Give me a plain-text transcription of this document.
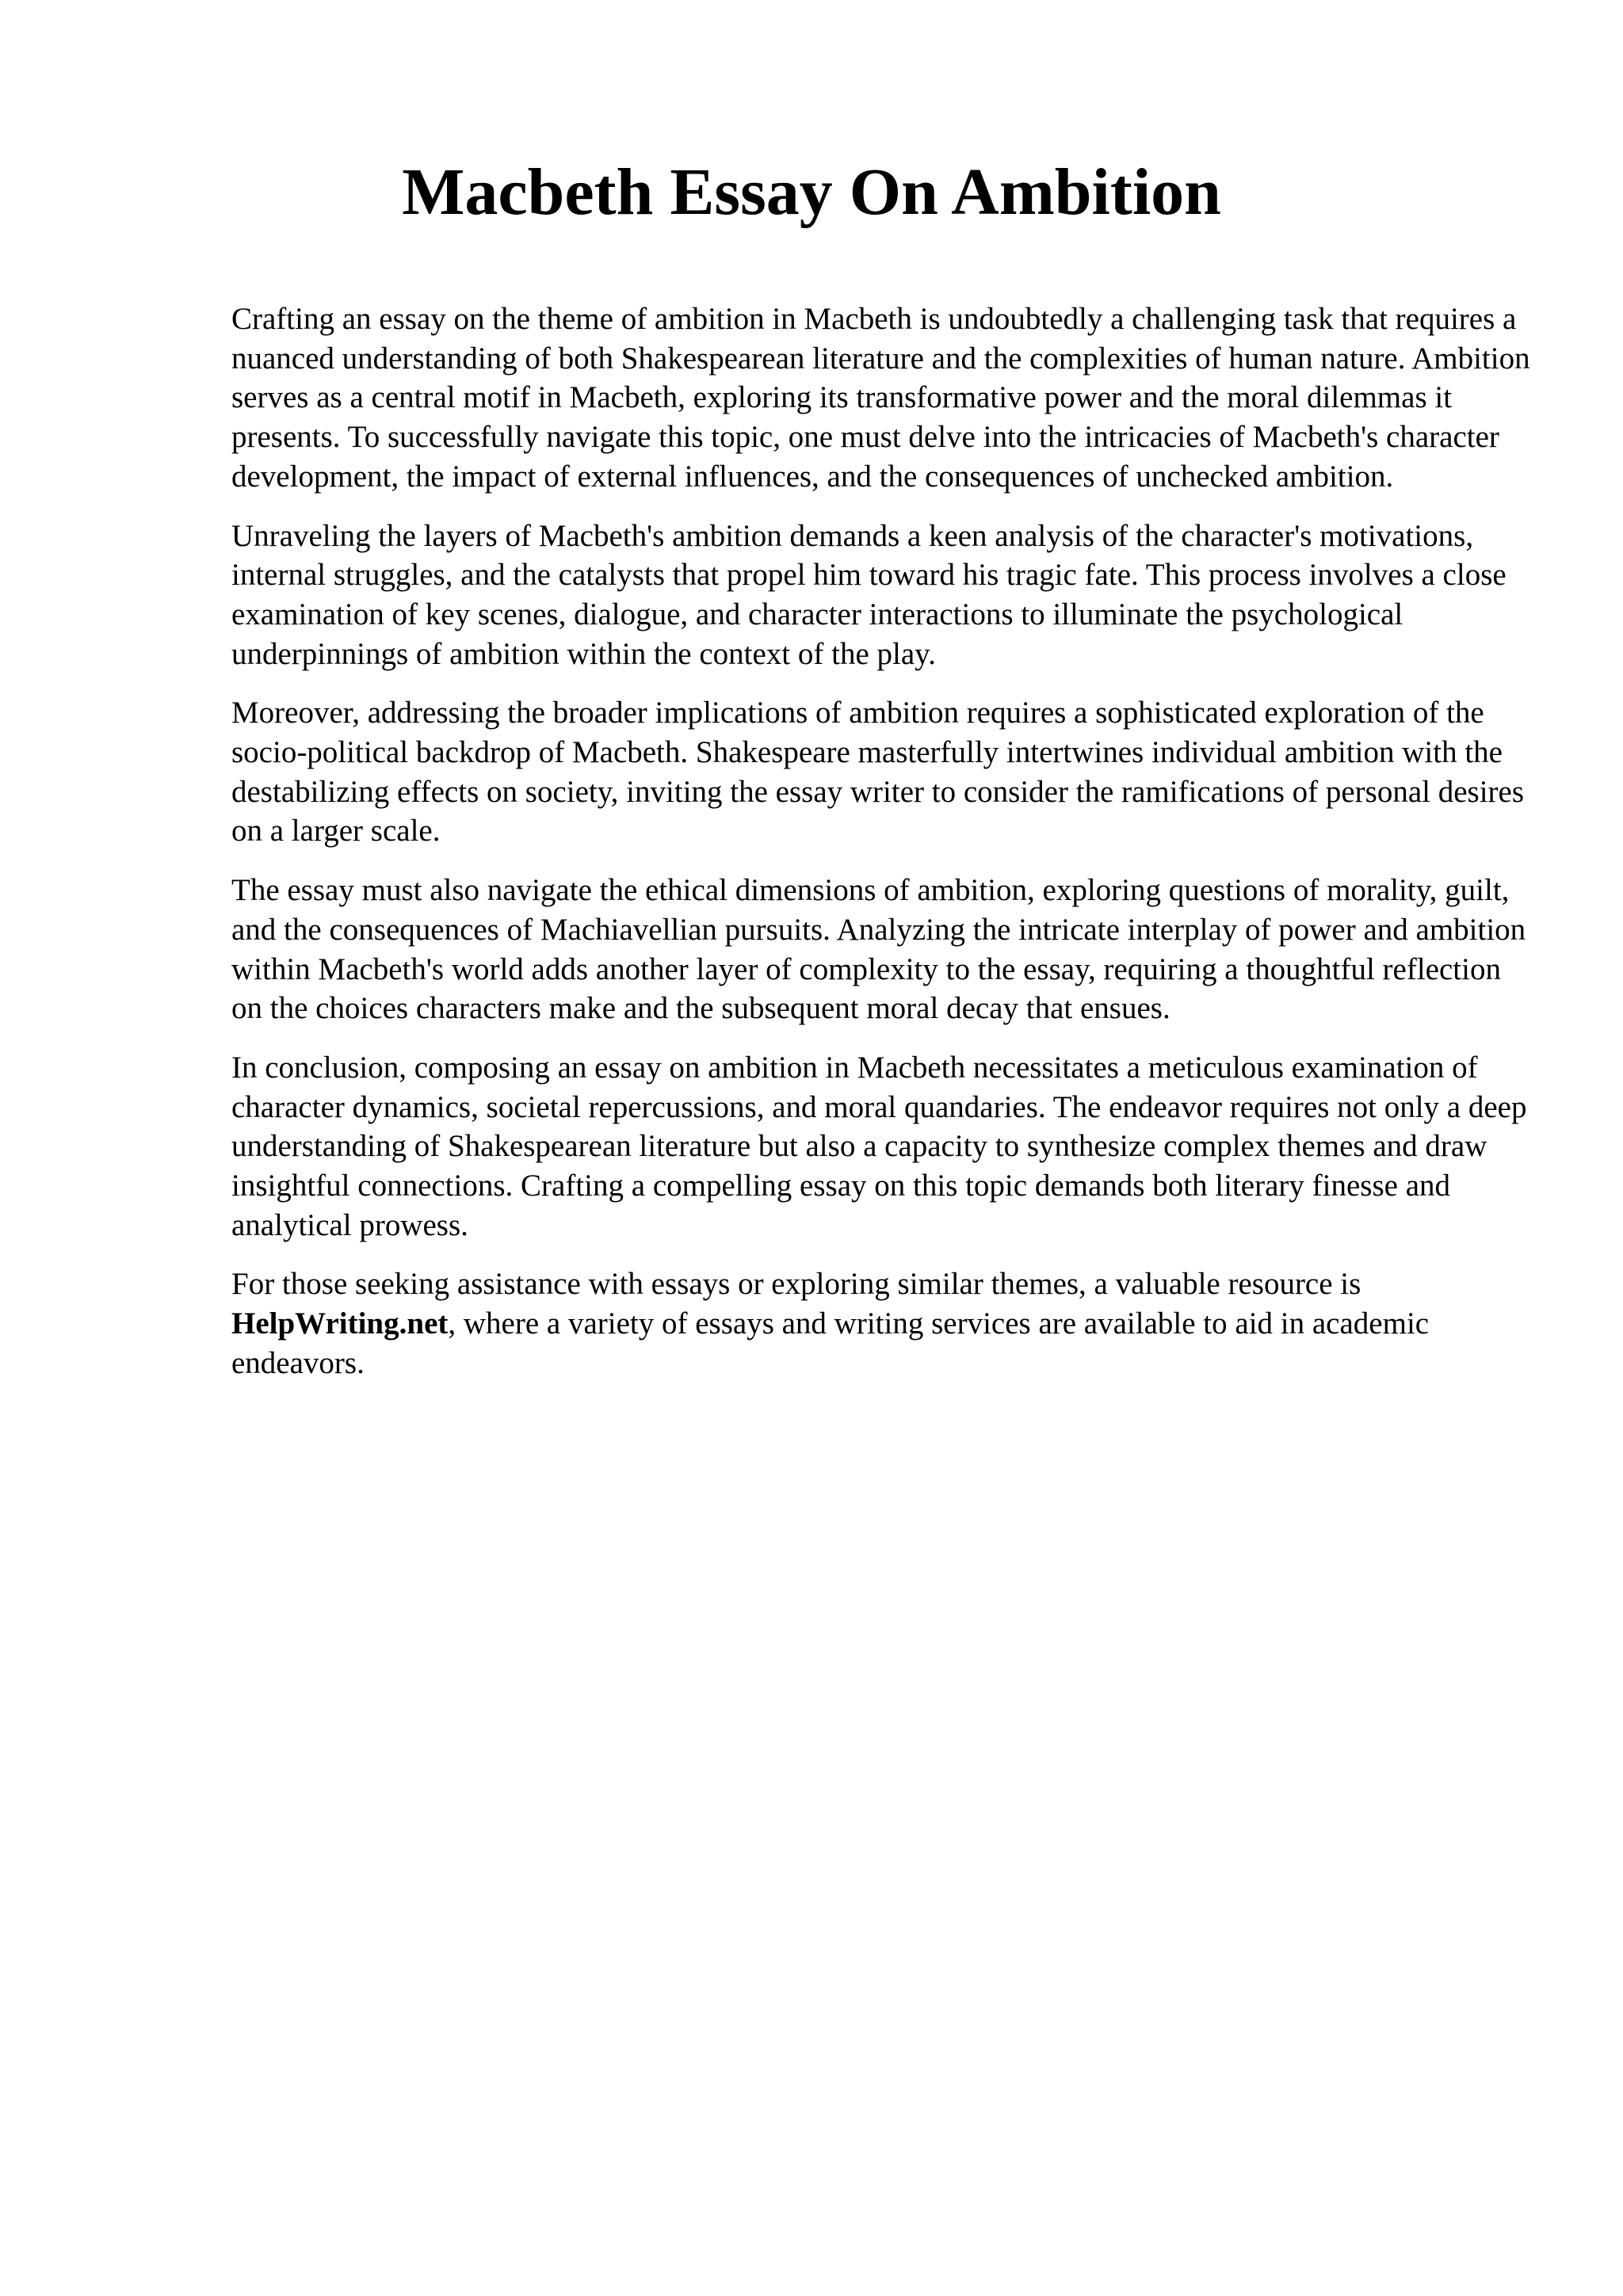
Macbeth Essay On Ambition

Crafting an essay on the theme of ambition in Macbeth is undoubtedly a challenging task that requires a nuanced understanding of both Shakespearean literature and the complexities of human nature. Ambition serves as a central motif in Macbeth, exploring its transformative power and the moral dilemmas it presents. To successfully navigate this topic, one must delve into the intricacies of Macbeth's character development, the impact of external influences, and the consequences of unchecked ambition.

Unraveling the layers of Macbeth's ambition demands a keen analysis of the character's motivations, internal struggles, and the catalysts that propel him toward his tragic fate. This process involves a close examination of key scenes, dialogue, and character interactions to illuminate the psychological underpinnings of ambition within the context of the play.

Moreover, addressing the broader implications of ambition requires a sophisticated exploration of the socio-political backdrop of Macbeth. Shakespeare masterfully intertwines individual ambition with the destabilizing effects on society, inviting the essay writer to consider the ramifications of personal desires on a larger scale.

The essay must also navigate the ethical dimensions of ambition, exploring questions of morality, guilt, and the consequences of Machiavellian pursuits. Analyzing the intricate interplay of power and ambition within Macbeth's world adds another layer of complexity to the essay, requiring a thoughtful reflection on the choices characters make and the subsequent moral decay that ensues.

In conclusion, composing an essay on ambition in Macbeth necessitates a meticulous examination of character dynamics, societal repercussions, and moral quandaries. The endeavor requires not only a deep understanding of Shakespearean literature but also a capacity to synthesize complex themes and draw insightful connections. Crafting a compelling essay on this topic demands both literary finesse and analytical prowess.

For those seeking assistance with essays or exploring similar themes, a valuable resource is HelpWriting.net, where a variety of essays and writing services are available to aid in academic endeavors.
